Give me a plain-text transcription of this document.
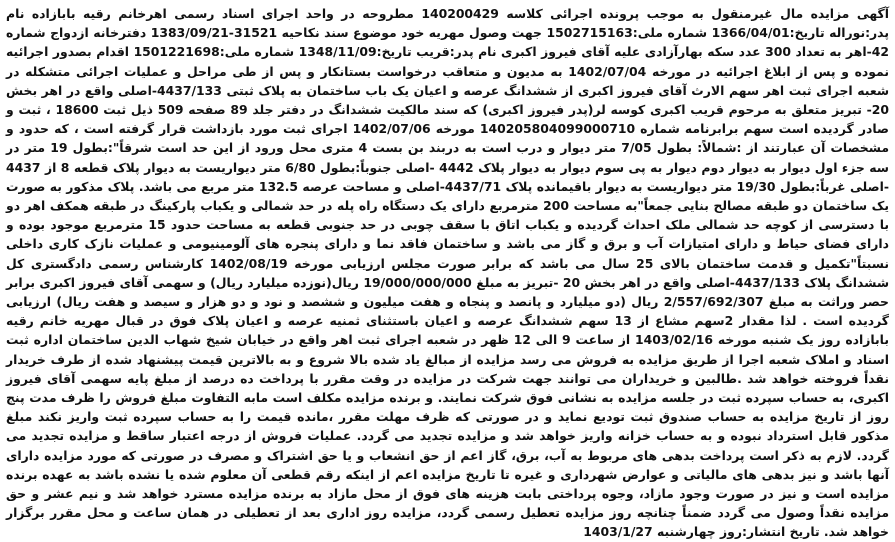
آگهی مزایده مال غیرمنقول به موجب پرونده اجرائی کلاسه 140200429 مطروحه در واحد اجرای اسناد رسمی اهرخانم رقیه بابازاده نام پدر:نوراله تاریخ:1366/04/01 شماره ملی:1502715163 جهت وصول مهریه خود موضوع سند نکاحیه 31521-1383/09/21 دفترخانه ازدواج شماره 42-اهر به تعداد 300 عدد سکه بهارآزادی علیه آقای فیروز اکبری نام پدر:قریب تاریخ:1348/11/09 شماره ملی:1501221698 اقدام بصدور اجرائیه نموده و پس از ابلاغ اجرائیه در مورخه 1402/07/04 به مدیون و متعاقب درخواست بستانکار و پس از طی مراحل و عملیات اجرائی متشکله در شعبه اجرای ثبت اهر سهم الارث آقای فیروز اکبری از ششدانگ عرصه و اعیان یک باب ساختمان به پلاک ثبتی 4437/133-اصلی واقع در اهر بخش 20- تبریز متعلق به مرحوم قریب اکبری کوسه لر(پدر فیروز اکبری) که سند مالکیت ششدانگ در دفتر جلد 89 صفحه 509 ذیل ثبت 18600 ، ثبت و صادر گردیده است سهم برابرنامه شماره 140205804099000710 مورخه 1402/07/06 اجرای ثبت مورد بازداشت قرار گرفته است ، که حدود و مشخصات آن عبارتند از :شمالاً: بطول 7/05 متر دیوار و درب است به دربند بن بست 4 متری محل ورود از این حد است شرقاً":بطول 19 متر در سه جزء اول دیوار به دیوار دوم دیوار به پی سوم دیوار به دیوار پلاک 4442 -اصلی جنوباً:بطول 6/80 متر دیواریست به دیوار پلاک قطعه 8 از 4437 -اصلی غرباً:بطول 19/30 متر دیواریست به دیوار باقیمانده پلاک 4437/71-اصلی و مساحت عرصه 132.5 متر مربع می باشد. پلاک مذکور به صورت یک ساختمان دو طبقه مصالح بنایی جمعاً"به مساحت 200 مترمربع دارای یک دستگاه راه پله در حد شمالی و یکباب پارکینگ در طبقه همکف اهر دو با دسترسی از کوچه حد شمالی ملک احداث گردیده و یکباب اتاق با سقف چوبی در حد جنوبی قطعه به مساحت حدود 15 مترمربع موجود بوده و دارای فضای حیاط و دارای امتیازات آب و برق و گاز می باشد و ساختمان فاقد نما و دارای پنجره های آلومینیومی و عملیات نازک کاری داخلی نسبتاً"تکمیل و قدمت ساختمان بالای 25 سال می باشد که برابر صورت مجلس ارزیابی مورخه 1402/08/19 کارشناس رسمی دادگستری کل ششدانگ پلاک 4437/133-اصلی واقع در اهر بخش 20 -تبریز به مبلغ 19/000/000/000 ریال(نوزده میلیارد ریال) و سهمی آقای فیروز اکبری برابر حصر وراثت به مبلغ 2/557/692/307 ریال (دو میلیارد و پانصد و پنجاه و هفت میلیون و ششصد و نود و دو هزار و سیصد و هفت ریال) ارزیابی گردیده است . لذا مقدار 2سهم مشاع از 13 سهم ششدانگ عرصه و اعیان باستثنای ثمنیه عرصه و اعیان پلاک فوق در قبال مهریه خانم رقیه بابازاده روز یک شنبه مورخه 1403/02/16 از ساعت 9 الی 12 ظهر در شعبه اجرای ثبت اهر واقع در خیابان شیخ شهاب الدین ساختمان اداره ثبت اسناد و املاک شعبه اجرا از طریق مزایده به فروش می رسد مزایده از مبالغ یاد شده بالا شروع و به بالاترین قیمت پیشنهاد شده از طرف خریدار نقداً فروخته خواهد شد .طالبین و خریداران می توانند جهت شرکت در مزایده در وقت مقرر با پرداخت ده درصد از مبلغ پایه سهمی آقای فیروز اکبری، به حساب سپرده ثبت در جلسه مزایده به نشانی فوق شرکت نمایند. و برنده مزایده مکلف است مابه التفاوت مبلغ فروش را ظرف مدت پنج روز از تاریخ مزایده به حساب صندوق ثبت تودیع نماید و در صورتی که ظرف مهلت مقرر ،مانده قیمت را به حساب سپرده ثبت واریز نکند مبلغ مذکور قابل استرداد نبوده و به حساب خزانه واریز خواهد شد و مزایده تجدید می گردد. عملیات فروش از درجه اعتبار ساقط و مزایده تجدید می گردد. لازم به ذکر است پرداخت بدهی های مربوط به آب، برق، گاز اعم از حق انشعاب و یا حق اشتراک و مصرف در صورتی که مورد مزایده دارای آنها باشد و نیز بدهی های مالیاتی و عوارض شهرداری و غیره تا تاریخ مزایده اعم از اینکه رقم قطعی آن معلوم شده یا نشده باشد به عهده برنده مزایده است و نیز در صورت وجود مازاد، وجوه پرداختی بابت هزینه های فوق از محل مازاد به برنده مزایده مسترد خواهد شد و نیم عشر و حق مزایده نقداً وصول می گردد ضمناً چنانچه روز مزایده تعطیل رسمی گردد، مزایده روز اداری بعد از تعطیلی در همان ساعت و محل مقرر برگزار خواهد شد. تاریخ انتشار:روز چهارشنبه 1403/1/27
